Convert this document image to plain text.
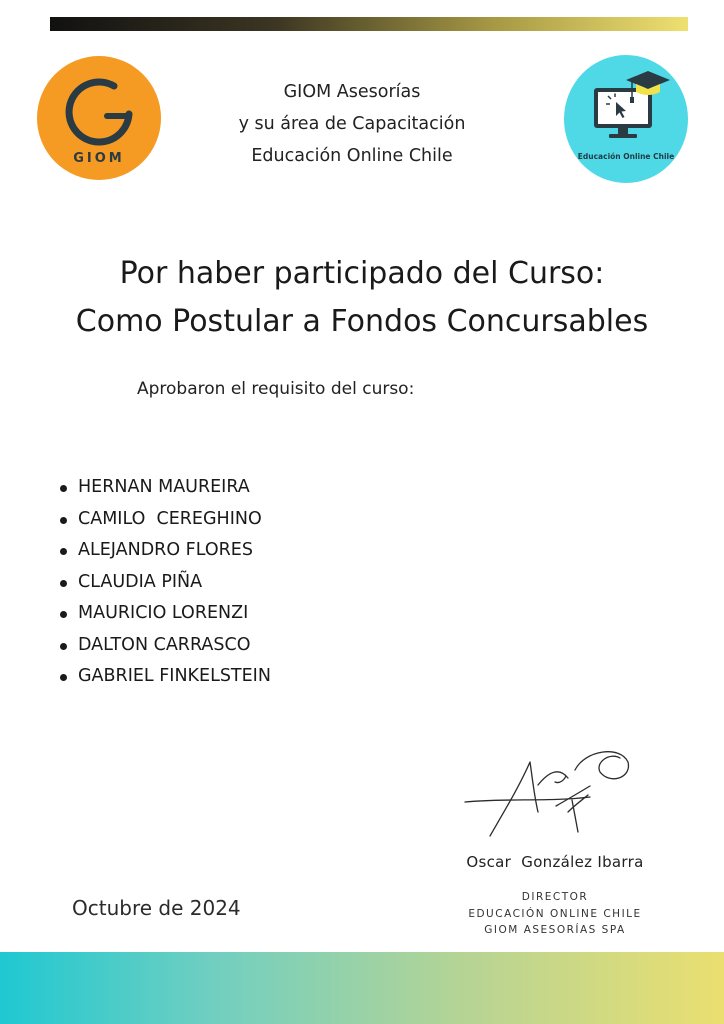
GIOM	Educación Online Chile
GIOM Asesorías
y su área de Capacitación
Educación Online Chile
Por haber participado del Curso:
Como Postular a Fondos Concursables
Aprobaron el requisito del curso:
HERNAN MAUREIRA
CAMILO  CEREGHINO
ALEJANDRO FLORES
CLAUDIA PIÑA
MAURICIO LORENZI
DALTON CARRASCO
GABRIEL FINKELSTEIN
Oscar  González Ibarra
DIRECTOR
EDUCACIÓN ONLINE CHILE
GIOM ASESORÍAS SPA
Octubre de 2024
